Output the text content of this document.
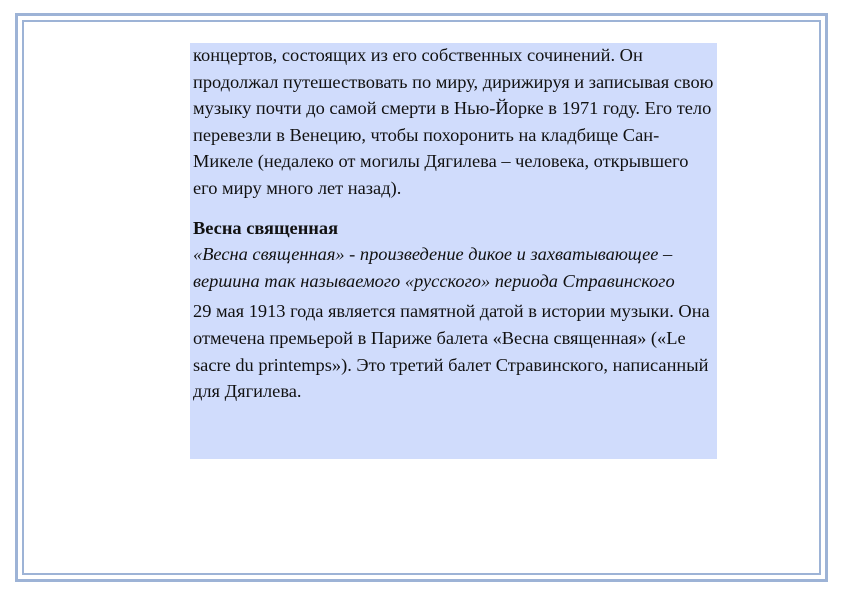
концертов, состоящих из его собственных сочинений. Он продолжал путешествовать по миру, дирижируя и записывая свою музыку почти до самой смерти в Нью-Йорке в 1971 году. Его тело перевезли в Венецию, чтобы похоронить на кладбище Сан-Микеле (недалеко от могилы Дягилева – человека, открывшего его миру много лет назад).

Весна священная

«Весна священная» - произведение дикое и захватывающее – вершина так называемого «русского» периода Стравинского

29 мая 1913 года является памятной датой в истории музыки. Она отмечена премьерой в Париже балета «Весна священная» («Le sacre du printemps»). Это третий балет Стравинского, написанный для Дягилева.
